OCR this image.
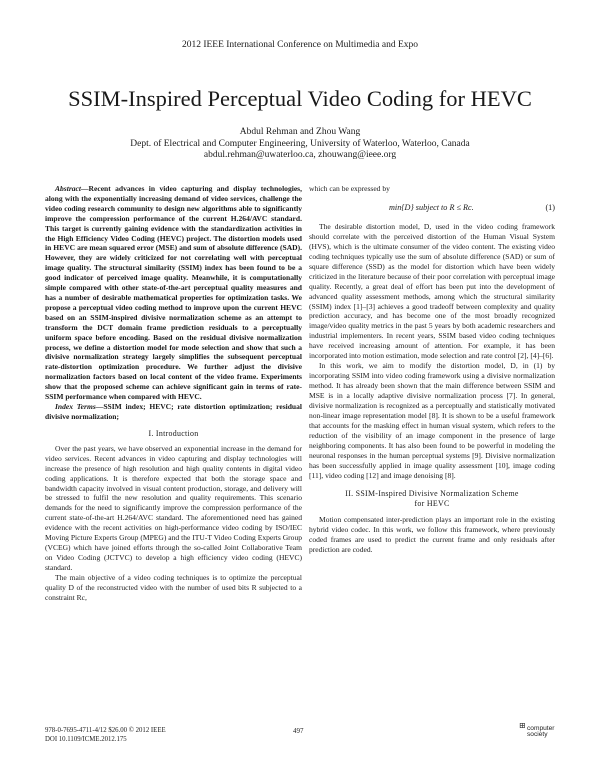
2012 IEEE International Conference on Multimedia and Expo
SSIM-Inspired Perceptual Video Coding for HEVC
Abdul Rehman and Zhou Wang
Dept. of Electrical and Computer Engineering, University of Waterloo, Waterloo, Canada
abdul.rehman@uwaterloo.ca, zhouwang@ieee.org

Abstract—Recent advances in video capturing and display technologies, along with the exponentially increasing demand of video services, challenge the video coding research community to design new algorithms able to significantly improve the compression performance of the current H.264/AVC standard. This target is currently gaining evidence with the standardization activities in the High Efficiency Video Coding (HEVC) project. The distortion models used in HEVC are mean squared error (MSE) and sum of absolute difference (SAD). However, they are widely criticized for not correlating well with perceptual image quality. The structural similarity (SSIM) index has been found to be a good indicator of perceived image quality. Meanwhile, it is computationally simple compared with other state-of-the-art perceptual quality measures and has a number of desirable mathematical properties for optimization tasks. We propose a perceptual video coding method to improve upon the current HEVC based on an SSIM-inspired divisive normalization scheme as an attempt to transform the DCT domain frame prediction residuals to a perceptually uniform space before encoding. Based on the residual divisive normalization process, we define a distortion model for mode selection and show that such a divisive normalization strategy largely simplifies the subsequent perceptual rate-distortion optimization procedure. We further adjust the divisive normalization factors based on local content of the video frame. Experiments show that the proposed scheme can achieve significant gain in terms of rate-SSIM performance when compared with HEVC.

Index Terms—SSIM index; HEVC; rate distortion optimization; residual divisive normalization;

I. Introduction

Over the past years, we have observed an exponential increase in the demand for video services. Recent advances in video capturing and display technologies will increase the presence of high resolution and high quality contents in digital video coding applications. It is therefore expected that both the storage space and bandwidth capacity involved in visual content production, storage, and delivery will be stressed to fulfil the new resolution and quality requirements. This scenario demands for the need to significantly improve the compression performance of the current state-of-the-art H.264/AVC standard. The aforementioned need has gained evidence with the recent activities on high-performance video coding by ISO/IEC Moving Picture Experts Group (MPEG) and the ITU-T Video Coding Experts Group (VCEG) which have joined efforts through the so-called Joint Collaborative Team on Video Coding (JCTVC) to develop a high efficiency video coding (HEVC) standard.

The main objective of a video coding techniques is to optimize the perceptual quality D of the reconstructed video with the number of used bits R subjected to a constraint Rc,

which can be expressed by

min{D} subject to R ≤ Rc.	(1)

The desirable distortion model, D, used in the video coding framework should correlate with the perceived distortion of the Human Visual System (HVS), which is the ultimate consumer of the video content. The existing video coding techniques typically use the sum of absolute difference (SAD) or sum of square difference (SSD) as the model for distortion which have been widely criticized in the literature because of their poor correlation with perceptual image quality. Recently, a great deal of effort has been put into the development of advanced quality assessment methods, among which the structural similarity (SSIM) index [1]–[3] achieves a good tradeoff between complexity and quality prediction accuracy, and has become one of the most broadly recognized image/video quality metrics in the past 5 years by both academic researchers and industrial implementers. In recent years, SSIM based video coding techniques have received increasing amount of attention. For example, it has been incorporated into motion estimation, mode selection and rate control [2], [4]–[6].

In this work, we aim to modify the distortion model, D, in (1) by incorporating SSIM into video coding framework using a divisive normalization method. It has already been shown that the main difference between SSIM and MSE is in a locally adaptive divisive normalization process [7]. In general, divisive normalization is recognized as a perceptually and statistically motivated non-linear image representation model [8]. It is shown to be a useful framework that accounts for the masking effect in human visual system, which refers to the reduction of the visibility of an image component in the presence of large neighboring components. It has also been found to be powerful in modeling the neuronal responses in the human perceptual systems [9]. Divisive normalization has been successfully applied in image quality assessment [10], image coding [11], video coding [12] and image denoising [8].

II. SSIM-Inspired Divisive Normalization Scheme
for HEVC

Motion compensated inter-prediction plays an important role in the existing hybrid video codec. In this work, we follow this framework, where previously coded frames are used to predict the current frame and only residuals after prediction are coded.

978-0-7695-4711-4/12 $26.00 © 2012 IEEE
DOI 10.1109/ICME.2012.175
497
⊞ computer
society
